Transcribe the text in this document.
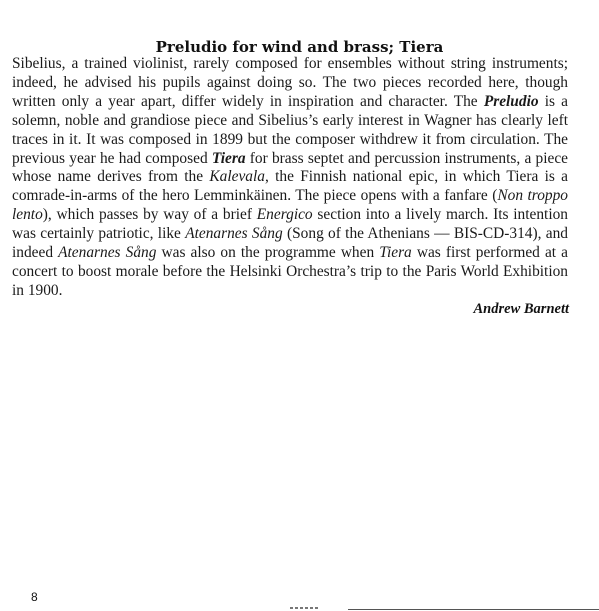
Preludio for wind and brass; Tiera

Sibelius, a trained violinist, rarely composed for ensembles without string instruments; indeed, he advised his pupils against doing so. The two pieces recorded here, though written only a year apart, differ widely in inspiration and character. The Preludio is a solemn, noble and grandiose piece and Sibelius’s early interest in Wagner has clearly left traces in it. It was composed in 1899 but the composer withdrew it from circulation. The previous year he had composed Tiera for brass septet and percussion instruments, a piece whose name derives from the Kalevala, the Finnish national epic, in which Tiera is a comrade-in-arms of the hero Lemminkäinen. The piece opens with a fanfare (Non troppo lento), which passes by way of a brief Energico section into a lively march. Its intention was certainly patriotic, like Atenarnes Sång (Song of the Athenians — BIS-CD-314), and indeed Atenarnes Sång was also on the programme when Tiera was first performed at a concert to boost morale before the Helsinki Orchestra’s trip to the Paris World Exhibition in 1900.

Andrew Barnett

8
